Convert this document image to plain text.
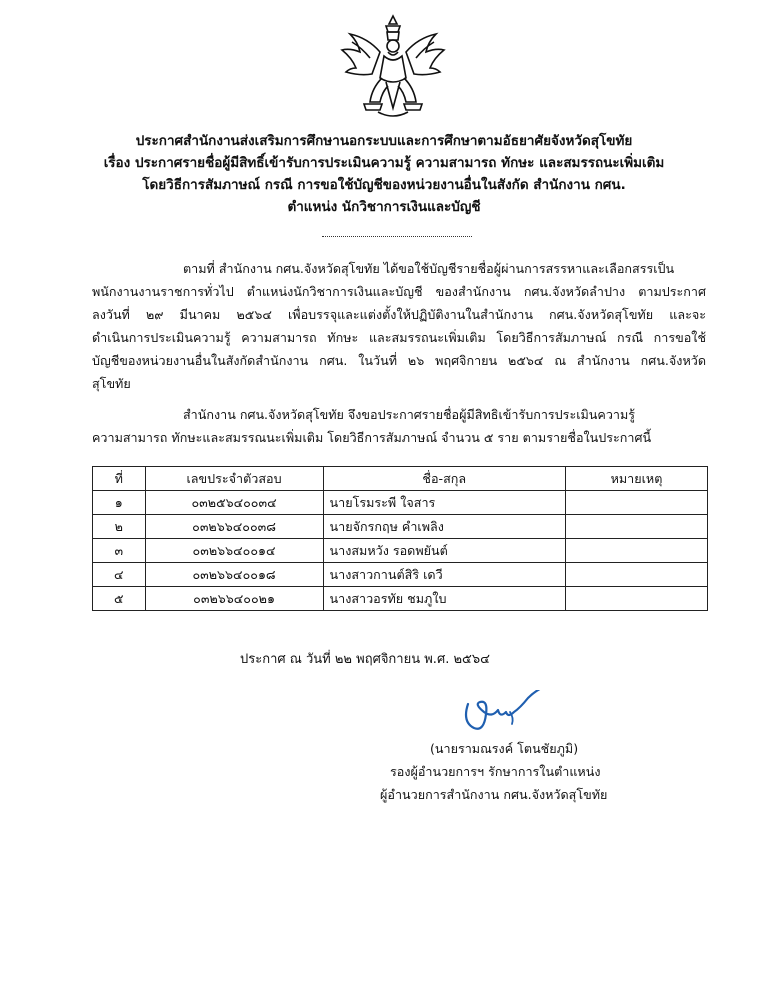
ประกาศสำนักงานส่งเสริมการศึกษานอกระบบและการศึกษาตามอัธยาศัยจังหวัดสุโขทัย
เรื่อง ประกาศรายชื่อผู้มีสิทธิ์เข้ารับการประเมินความรู้ ความสามารถ ทักษะ และสมรรถนะเพิ่มเติม
โดยวิธีการสัมภาษณ์ กรณี การขอใช้บัญชีของหน่วยงานอื่นในสังกัด สำนักงาน กศน.
ตำแหน่ง นักวิชาการเงินและบัญชี
ตามที่ สำนักงาน กศน.จังหวัดสุโขทัย ได้ขอใช้บัญชีรายชื่อผู้ผ่านการสรรหาและเลือกสรรเป็น
พนักงานงานราชการทั่วไป ตำแหน่งนักวิชาการเงินและบัญชี ของสำนักงาน กศน.จังหวัดลำปาง ตามประกาศ
ลงวันที่ ๒๙ มีนาคม ๒๕๖๔ เพื่อบรรจุและแต่งตั้งให้ปฏิบัติงานในสำนักงาน กศน.จังหวัดสุโขทัย และจะ
ดำเนินการประเมินความรู้ ความสามารถ ทักษะ และสมรรถนะเพิ่มเติม โดยวิธีการสัมภาษณ์ กรณี การขอใช้
บัญชีของหน่วยงานอื่นในสังกัดสำนักงาน กศน. ในวันที่ ๒๖ พฤศจิกายน ๒๕๖๔ ณ สำนักงาน กศน.จังหวัด
สุโขทัย
สำนักงาน กศน.จังหวัดสุโขทัย จึงขอประกาศรายชื่อผู้มีสิทธิเข้ารับการประเมินความรู้
ความสามารถ ทักษะและสมรรณนะเพิ่มเติม โดยวิธีการสัมภาษณ์ จำนวน ๕ ราย ตามรายชื่อในประกาศนี้
ที่	เลขประจำตัวสอบ	ชื่อ-สกุล	หมายเหตุ
๑	๐๓๒๕๖๔๐๐๓๔	นายโรมระพี ใจสาร	
๒	๐๓๒๖๖๔๐๐๓๘	นายจักรกฤษ คำเพลิง	
๓	๐๓๒๖๖๔๐๐๑๔	นางสมหวัง รอดพยันต์	
๔	๐๓๒๖๖๔๐๐๑๘	นางสาวกานต์สิริ เดวี	
๕	๐๓๒๖๖๔๐๐๒๑	นางสาวอรทัย ชมภูใบ	
ประกาศ ณ วันที่ ๒๒ พฤศจิกายน พ.ศ. ๒๕๖๔
(นายรามณรงค์ โตนชัยภูมิ)
รองผู้อำนวยการฯ รักษาการในตำแหน่ง
ผู้อำนวยการสำนักงาน กศน.จังหวัดสุโขทัย
